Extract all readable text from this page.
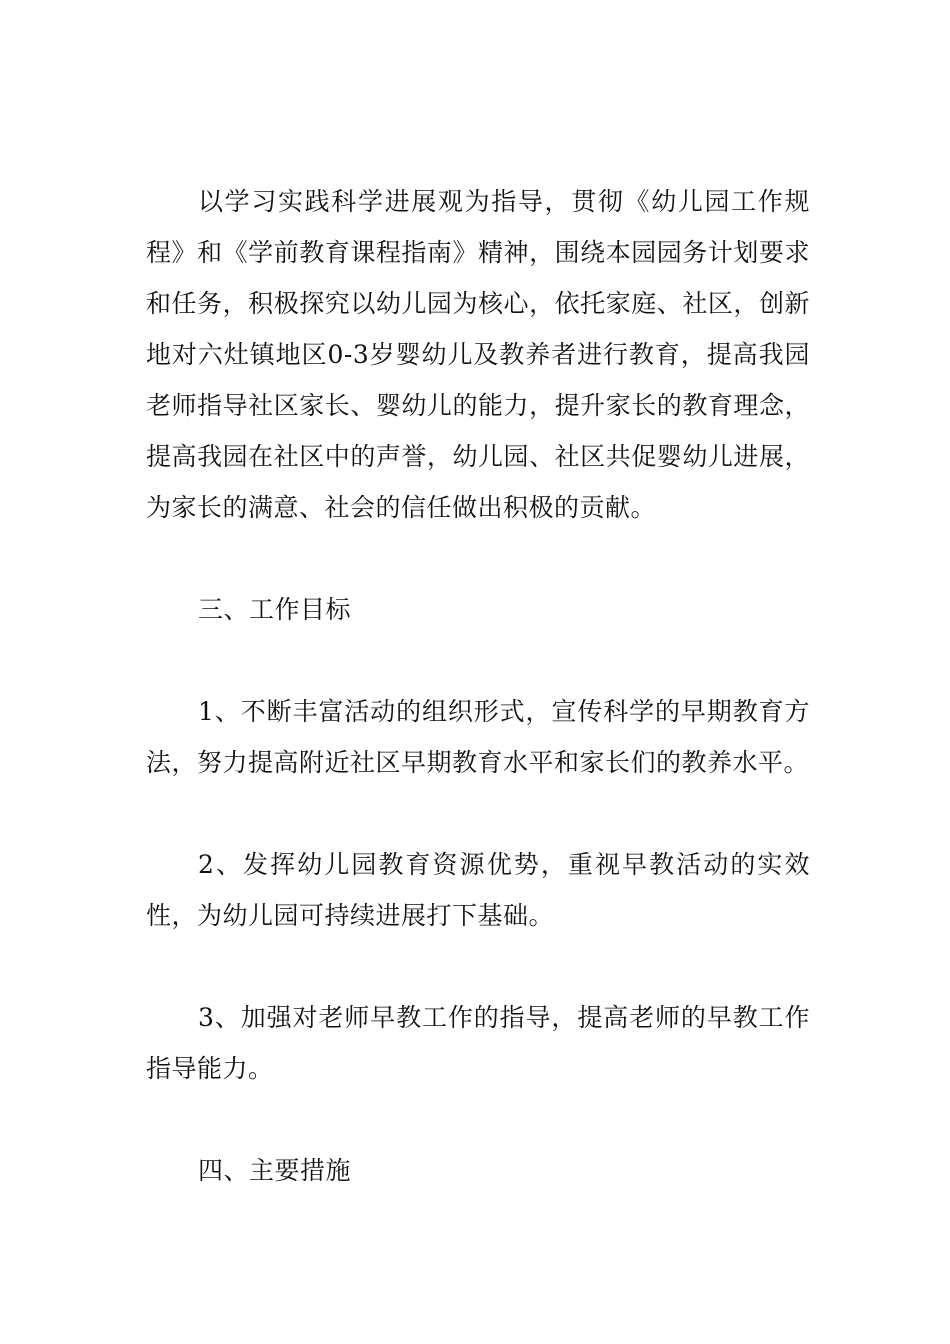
以学习实践科学进展观为指导，贯彻《幼儿园工作规程》和《学前教育课程指南》精神，围绕本园园务计划要求和任务，积极探究以幼儿园为核心，依托家庭、社区，创新地对六灶镇地区0-3岁婴幼儿及教养者进行教育，提高我园老师指导社区家长、婴幼儿的能力，提升家长的教育理念，提高我园在社区中的声誉，幼儿园、社区共促婴幼儿进展，为家长的满意、社会的信任做出积极的贡献。

三、工作目标

1、不断丰富活动的组织形式，宣传科学的早期教育方法，努力提高附近社区早期教育水平和家长们的教养水平。

2、发挥幼儿园教育资源优势，重视早教活动的实效性，为幼儿园可持续进展打下基础。

3、加强对老师早教工作的指导，提高老师的早教工作指导能力。

四、主要措施
